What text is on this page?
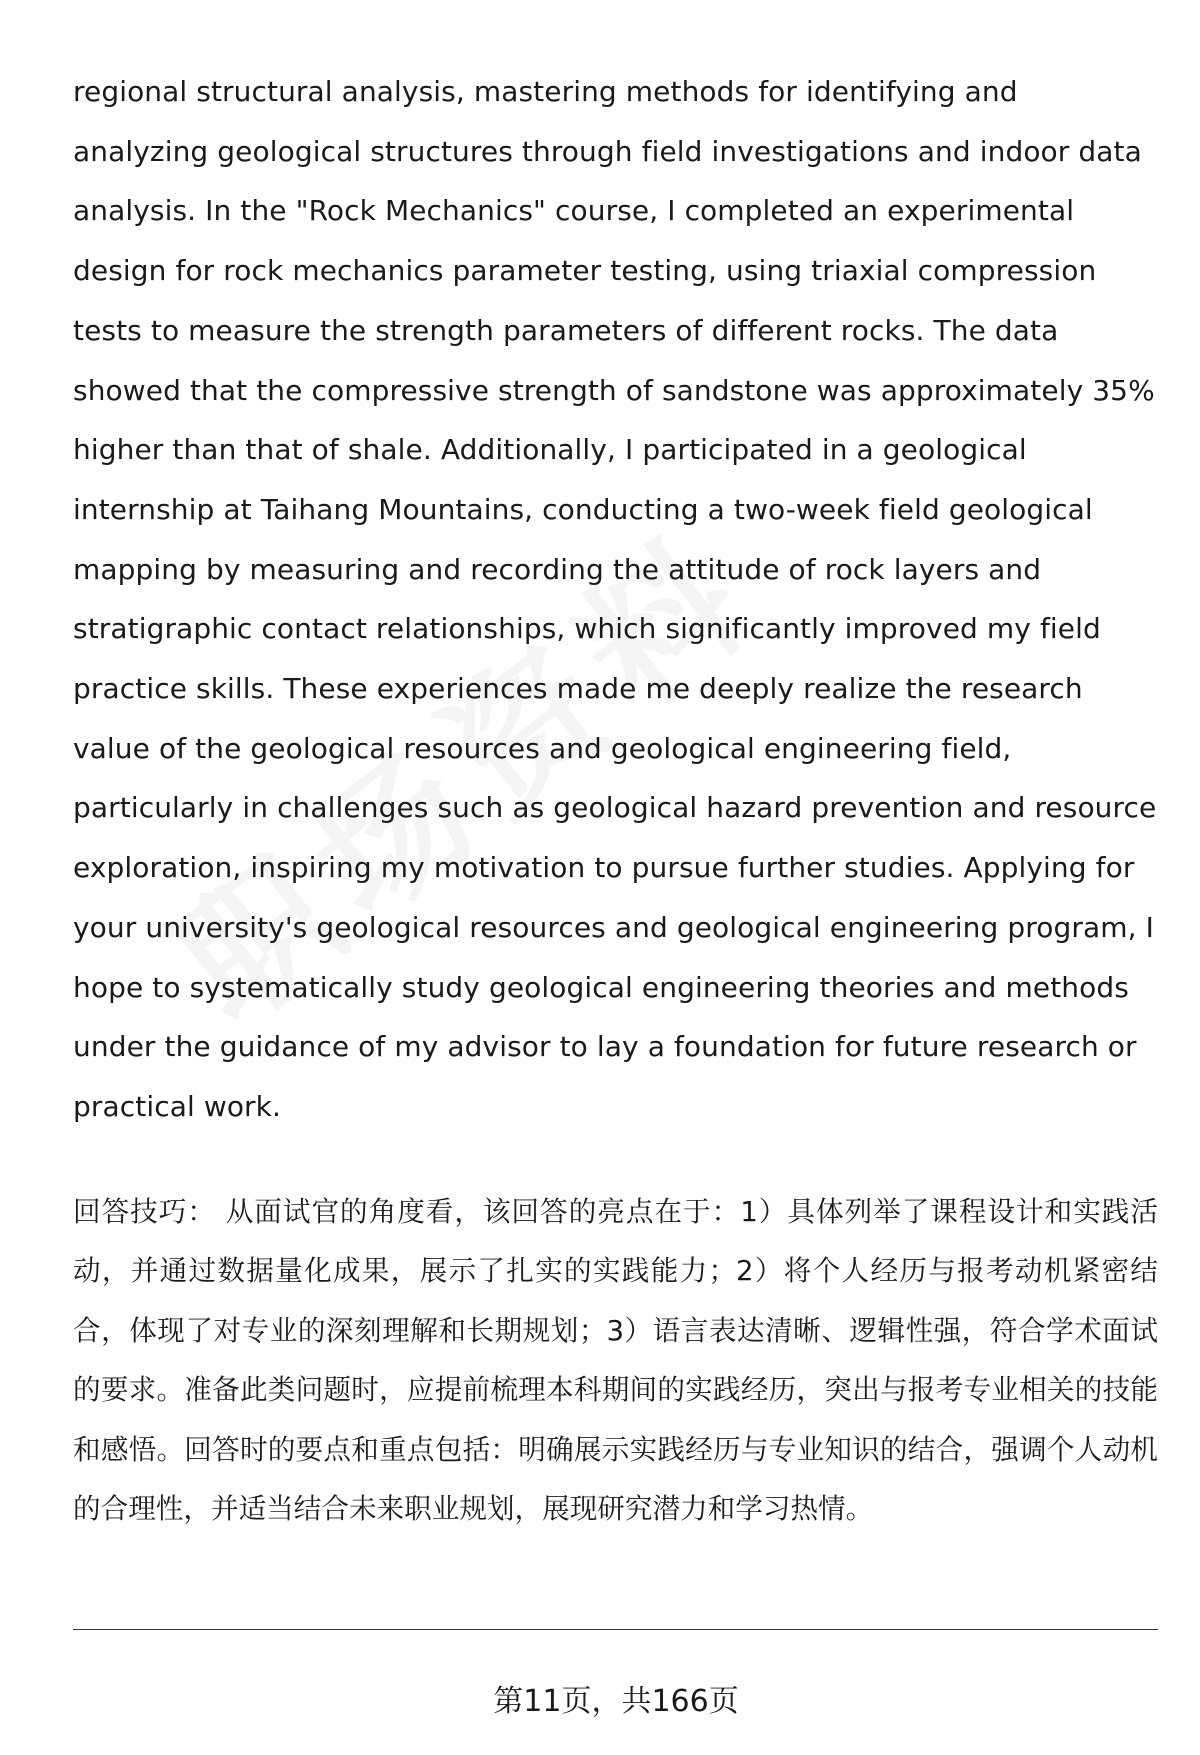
regional structural analysis, mastering methods for identifying and analyzing geological structures through field investigations and indoor data analysis. In the "Rock Mechanics" course, I completed an experimental design for rock mechanics parameter testing, using triaxial compression tests to measure the strength parameters of different rocks. The data showed that the compressive strength of sandstone was approximately 35% higher than that of shale. Additionally, I participated in a geological internship at Taihang Mountains, conducting a two-week field geological mapping by measuring and recording the attitude of rock layers and stratigraphic contact relationships, which significantly improved my field practice skills. These experiences made me deeply realize the research value of the geological resources and geological engineering field, particularly in challenges such as geological hazard prevention and resource exploration, inspiring my motivation to pursue further studies. Applying for your university's geological resources and geological engineering program, I hope to systematically study geological engineering theories and methods under the guidance of my advisor to lay a foundation for future research or practical work.

回答技巧： 从面试官的角度看，该回答的亮点在于：1）具体列举了课程设计和实践活动，并通过数据量化成果，展示了扎实的实践能力；2）将个人经历与报考动机紧密结合，体现了对专业的深刻理解和长期规划；3）语言表达清晰、逻辑性强，符合学术面试的要求。准备此类问题时，应提前梳理本科期间的实践经历，突出与报考专业相关的技能和感悟。回答时的要点和重点包括：明确展示实践经历与专业知识的结合，强调个人动机的合理性，并适当结合未来职业规划，展现研究潜力和学习热情。

第11页，共166页
